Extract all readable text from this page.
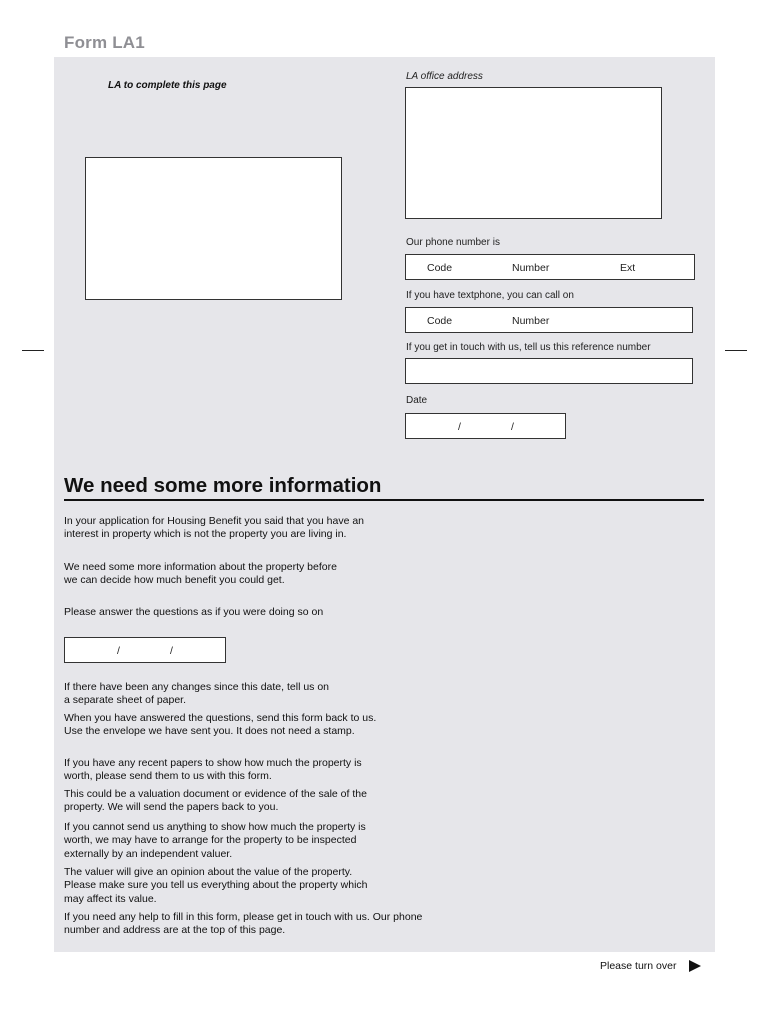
Form LA1
LA to complete this page
LA office address
Our phone number is
Code	Number	Ext
If you have textphone, you can call on
Code	Number
If you get in touch with us, tell us this reference number
Date
/	/
We need some more information
In your application for Housing Benefit you said that you have an interest in property which is not the property you are living in.
We need some more information about the property before we can decide how much benefit you could get.
Please answer the questions as if you were doing so on
/	/
If there have been any changes since this date, tell us on a separate sheet of paper.
When you have answered the questions, send this form back to us. Use the envelope we have sent you. It does not need a stamp.
If you have any recent papers to show how much the property is worth, please send them to us with this form.
This could be a valuation document or evidence of the sale of the property. We will send the papers back to you.
If you cannot send us anything to show how much the property is worth, we may have to arrange for the property to be inspected externally by an independent valuer.
The valuer will give an opinion about the value of the property. Please make sure you tell us everything about the property which may affect its value.
If you need any help to fill in this form, please get in touch with us. Our phone number and address are at the top of this page.
Please turn over
